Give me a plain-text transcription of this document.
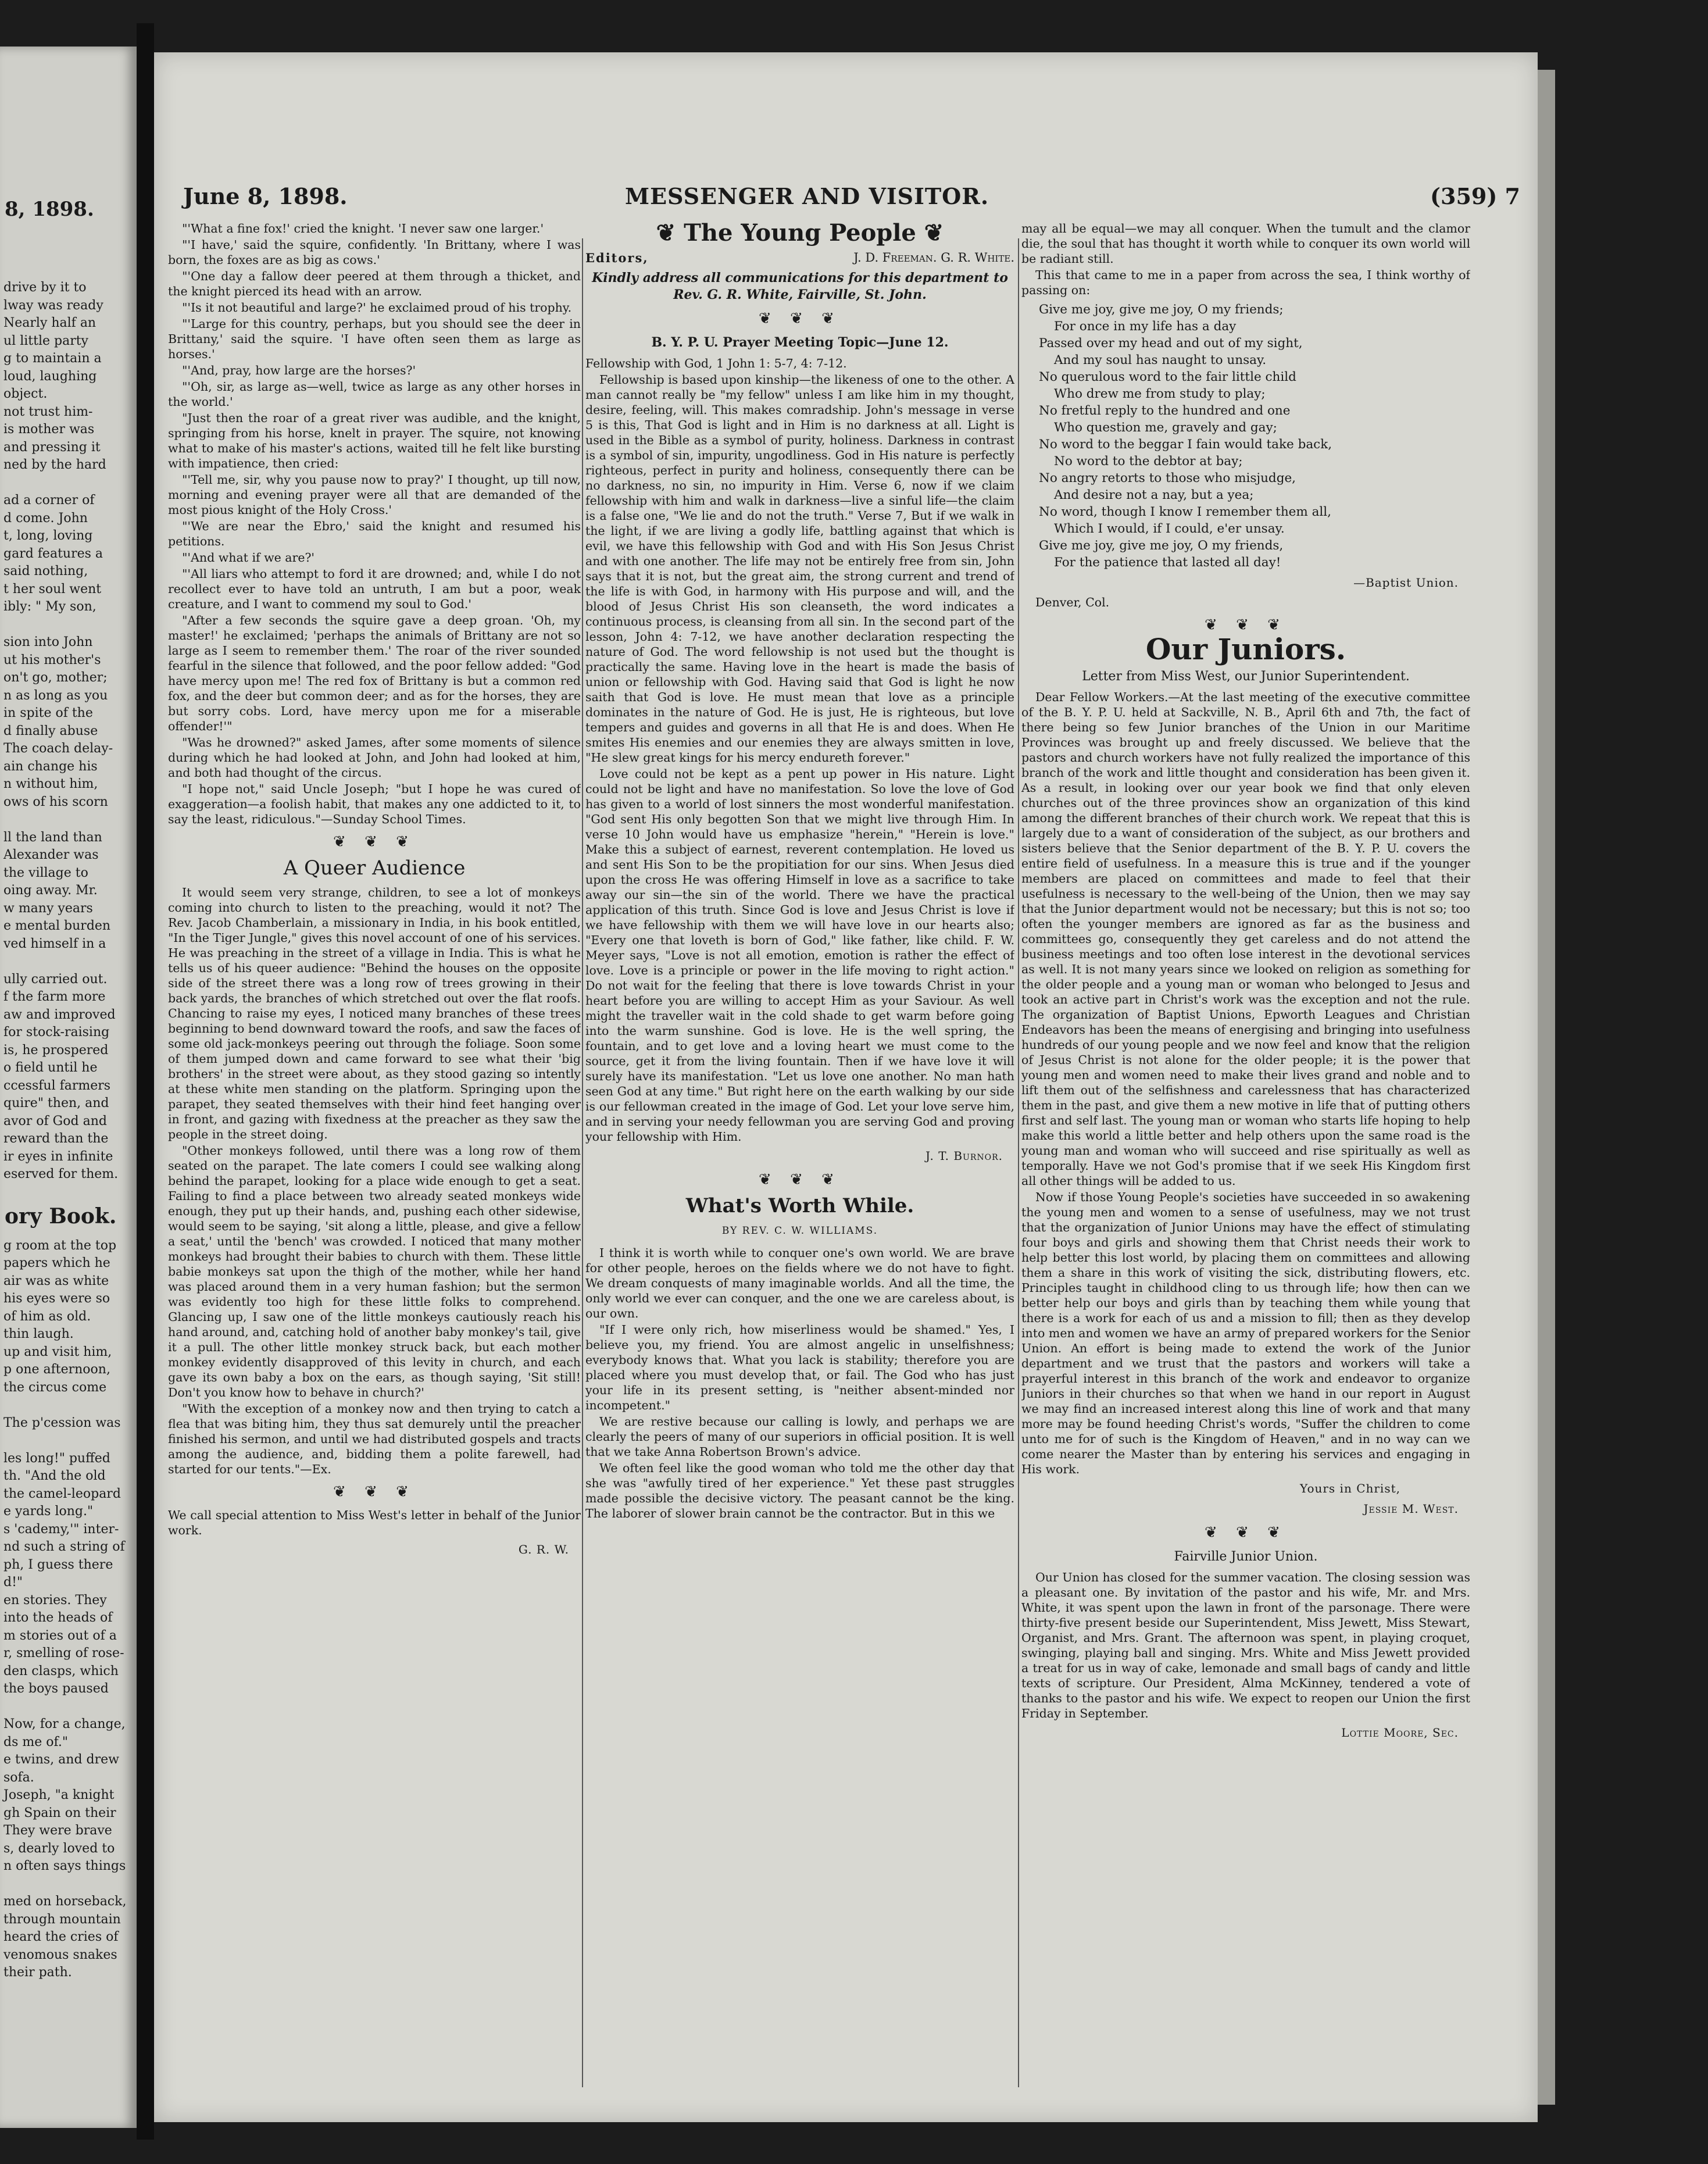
8, 1898.
drive by it to
lway was ready
Nearly half an
ul little party
g to maintain a
loud, laughing
object.
not trust him-
is mother was
and pressing it
ned by the hard

ad a corner of
d come. John
t, long, loving
gard features a
said nothing,
t her soul went
ibly: " My son,

sion into John
ut his mother's
on't go, mother;
n as long as you
in spite of the
d finally abuse
The coach delay-
ain change his
n without him,
ows of his scorn

ll the land than
Alexander was
the village to
oing away. Mr.
w many years
e mental burden
ved himself in a

ully carried out.
f the farm more
aw and improved
for stock-raising
is, he prospered
o field until he
ccessful farmers
quire" then, and
avor of God and
reward than the
ir eyes in infinite
eserved for them.
ory Book.
g room at the top
papers which he
air was as white
his eyes were so
of him as old.
thin laugh.
up and visit him,
p one afternoon,
the circus come

The p'cession was

les long!" puffed
th. "And the old
the camel-leopard
e yards long."
s 'cademy,'" inter-
nd such a string of
ph, I guess there
d!"
en stories. They
into the heads of
m stories out of a
r, smelling of rose-
den clasps, which
the boys paused

Now, for a change,
ds me of."
e twins, and drew
sofa.
Joseph, "a knight
gh Spain on their
They were brave
s, dearly loved to
n often says things

med on horseback,
through mountain
heard the cries of
venomous snakes
their path.
June 8, 1898.	MESSENGER AND VISITOR.	(359) 7

"'What a fine fox!' cried the knight. 'I never saw one larger.'

"'I have,' said the squire, confidently. 'In Brittany, where I was born, the foxes are as big as cows.'

"'One day a fallow deer peered at them through a thicket, and the knight pierced its head with an arrow.

"'Is it not beautiful and large?' he exclaimed proud of his trophy.

"'Large for this country, perhaps, but you should see the deer in Brittany,' said the squire. 'I have often seen them as large as horses.'

"'And, pray, how large are the horses?'

"'Oh, sir, as large as—well, twice as large as any other horses in the world.'

"Just then the roar of a great river was audible, and the knight, springing from his horse, knelt in prayer. The squire, not knowing what to make of his master's actions, waited till he felt like bursting with impatience, then cried:

"'Tell me, sir, why you pause now to pray?' I thought, up till now, morning and evening prayer were all that are demanded of the most pious knight of the Holy Cross.'

"'We are near the Ebro,' said the knight and resumed his petitions.

"'And what if we are?'

"'All liars who attempt to ford it are drowned; and, while I do not recollect ever to have told an untruth, I am but a poor, weak creature, and I want to commend my soul to God.'

"After a few seconds the squire gave a deep groan. 'Oh, my master!' he exclaimed; 'perhaps the animals of Brittany are not so large as I seem to remember them.' The roar of the river sounded fearful in the silence that followed, and the poor fellow added: "God have mercy upon me! The red fox of Brittany is but a common red fox, and the deer but common deer; and as for the horses, they are but sorry cobs. Lord, have mercy upon me for a miserable offender!'"

"Was he drowned?" asked James, after some moments of silence during which he had looked at John, and John had looked at him, and both had thought of the circus.

"I hope not," said Uncle Joseph; "but I hope he was cured of exaggeration—a foolish habit, that makes any one addicted to it, to say the least, ridiculous."—Sunday School Times.

❦ ❦ ❦
A Queer Audience

It would seem very strange, children, to see a lot of monkeys coming into church to listen to the preaching, would it not? The Rev. Jacob Chamberlain, a missionary in India, in his book entitled, "In the Tiger Jungle," gives this novel account of one of his services. He was preaching in the street of a village in India. This is what he tells us of his queer audience: "Behind the houses on the opposite side of the street there was a long row of trees growing in their back yards, the branches of which stretched out over the flat roofs. Chancing to raise my eyes, I noticed many branches of these trees beginning to bend downward toward the roofs, and saw the faces of some old jack-monkeys peering out through the foliage. Soon some of them jumped down and came forward to see what their 'big brothers' in the street were about, as they stood gazing so intently at these white men standing on the platform. Springing upon the parapet, they seated themselves with their hind feet hanging over in front, and gazing with fixedness at the preacher as they saw the people in the street doing.

"Other monkeys followed, until there was a long row of them seated on the parapet. The late comers I could see walking along behind the parapet, looking for a place wide enough to get a seat. Failing to find a place between two already seated monkeys wide enough, they put up their hands, and, pushing each other sidewise, would seem to be saying, 'sit along a little, please, and give a fellow a seat,' until the 'bench' was crowded. I noticed that many mother monkeys had brought their babies to church with them. These little babie monkeys sat upon the thigh of the mother, while her hand was placed around them in a very human fashion; but the sermon was evidently too high for these little folks to comprehend. Glancing up, I saw one of the little monkeys cautiously reach his hand around, and, catching hold of another baby monkey's tail, give it a pull. The other little monkey struck back, but each mother monkey evidently disapproved of this levity in church, and each gave its own baby a box on the ears, as though saying, 'Sit still! Don't you know how to behave in church?'

"With the exception of a monkey now and then trying to catch a flea that was biting him, they thus sat demurely until the preacher finished his sermon, and until we had distributed gospels and tracts among the audience, and, bidding them a polite farewell, had started for our tents."—Ex.

❦ ❦ ❦

We call special attention to Miss West's letter in behalf of the Junior work.

G. R. W.
❦ The Young People ❦
Editors,	J. D. Freeman. G. R. White.
Kindly address all communications for this department to Rev. G. R. White, Fairville, St. John.
❦ ❦ ❦
B. Y. P. U. Prayer Meeting Topic—June 12.

Fellowship with God, 1 John 1: 5-7, 4: 7-12.

Fellowship is based upon kinship—the likeness of one to the other. A man cannot really be "my fellow" unless I am like him in my thought, desire, feeling, will. This makes comradship. John's message in verse 5 is this, That God is light and in Him is no darkness at all. Light is used in the Bible as a symbol of purity, holiness. Darkness in contrast is a symbol of sin, impurity, ungodliness. God in His nature is perfectly righteous, perfect in purity and holiness, consequently there can be no darkness, no sin, no impurity in Him. Verse 6, now if we claim fellowship with him and walk in darkness—live a sinful life—the claim is a false one, "We lie and do not the truth." Verse 7, But if we walk in the light, if we are living a godly life, battling against that which is evil, we have this fellowship with God and with His Son Jesus Christ and with one another. The life may not be entirely free from sin, John says that it is not, but the great aim, the strong current and trend of the life is with God, in harmony with His purpose and will, and the blood of Jesus Christ His son cleanseth, the word indicates a continuous process, is cleansing from all sin. In the second part of the lesson, John 4: 7-12, we have another declaration respecting the nature of God. The word fellowship is not used but the thought is practically the same. Having love in the heart is made the basis of union or fellowship with God. Having said that God is light he now saith that God is love. He must mean that love as a principle dominates in the nature of God. He is just, He is righteous, but love tempers and guides and governs in all that He is and does. When He smites His enemies and our enemies they are always smitten in love, "He slew great kings for his mercy endureth forever."

Love could not be kept as a pent up power in His nature. Light could not be light and have no manifestation. So love the love of God has given to a world of lost sinners the most wonderful manifestation. "God sent His only begotten Son that we might live through Him. In verse 10 John would have us emphasize "herein," "Herein is love." Make this a subject of earnest, reverent contemplation. He loved us and sent His Son to be the propitiation for our sins. When Jesus died upon the cross He was offering Himself in love as a sacrifice to take away our sin—the sin of the world. There we have the practical application of this truth. Since God is love and Jesus Christ is love if we have fellowship with them we will have love in our hearts also; "Every one that loveth is born of God," like father, like child. F. W. Meyer says, "Love is not all emotion, emotion is rather the effect of love. Love is a principle or power in the life moving to right action." Do not wait for the feeling that there is love towards Christ in your heart before you are willing to accept Him as your Saviour. As well might the traveller wait in the cold shade to get warm before going into the warm sunshine. God is love. He is the well spring, the fountain, and to get love and a loving heart we must come to the source, get it from the living fountain. Then if we have love it will surely have its manifestation. "Let us love one another. No man hath seen God at any time." But right here on the earth walking by our side is our fellowman created in the image of God. Let your love serve him, and in serving your needy fellowman you are serving God and proving your fellowship with Him.

J. T. Burnor.
❦ ❦ ❦
What's Worth While.
BY REV. C. W. WILLIAMS.

I think it is worth while to conquer one's own world. We are brave for other people, heroes on the fields where we do not have to fight. We dream conquests of many imaginable worlds. And all the time, the only world we ever can conquer, and the one we are careless about, is our own.

"If I were only rich, how miserliness would be shamed." Yes, I believe you, my friend. You are almost angelic in unselfishness; everybody knows that. What you lack is stability; therefore you are placed where you must develop that, or fail. The God who has just your life in its present setting, is "neither absent-minded nor incompetent."

We are restive because our calling is lowly, and perhaps we are clearly the peers of many of our superiors in official position. It is well that we take Anna Robertson Brown's advice.

We often feel like the good woman who told me the other day that she was "awfully tired of her experience." Yet these past struggles made possible the decisive victory. The peasant cannot be the king. The laborer of slower brain cannot be the contractor. But in this we

may all be equal—we may all conquer. When the tumult and the clamor die, the soul that has thought it worth while to conquer its own world will be radiant still.

This that came to me in a paper from across the sea, I think worthy of passing on:

Give me joy, give me joy, O my friends;
For once in my life has a day
Passed over my head and out of my sight,
And my soul has naught to unsay.
No querulous word to the fair little child
Who drew me from study to play;
No fretful reply to the hundred and one
Who question me, gravely and gay;
No word to the beggar I fain would take back,
No word to the debtor at bay;
No angry retorts to those who misjudge,
And desire not a nay, but a yea;
No word, though I know I remember them all,
Which I would, if I could, e'er unsay.
Give me joy, give me joy, O my friends,
For the patience that lasted all day!
—Baptist Union.

Denver, Col.

❦ ❦ ❦
Our Juniors.
Letter from Miss West, our Junior Superintendent.

Dear Fellow Workers.—At the last meeting of the executive committee of the B. Y. P. U. held at Sackville, N. B., April 6th and 7th, the fact of there being so few Junior branches of the Union in our Maritime Provinces was brought up and freely discussed. We believe that the pastors and church workers have not fully realized the importance of this branch of the work and little thought and consideration has been given it. As a result, in looking over our year book we find that only eleven churches out of the three provinces show an organization of this kind among the different branches of their church work. We repeat that this is largely due to a want of consideration of the subject, as our brothers and sisters believe that the Senior department of the B. Y. P. U. covers the entire field of usefulness. In a measure this is true and if the younger members are placed on committees and made to feel that their usefulness is necessary to the well-being of the Union, then we may say that the Junior department would not be necessary; but this is not so; too often the younger members are ignored as far as the business and committees go, consequently they get careless and do not attend the business meetings and too often lose interest in the devotional services as well. It is not many years since we looked on religion as something for the older people and a young man or woman who belonged to Jesus and took an active part in Christ's work was the exception and not the rule. The organization of Baptist Unions, Epworth Leagues and Christian Endeavors has been the means of energising and bringing into usefulness hundreds of our young people and we now feel and know that the religion of Jesus Christ is not alone for the older people; it is the power that young men and women need to make their lives grand and noble and to lift them out of the selfishness and carelessness that has characterized them in the past, and give them a new motive in life that of putting others first and self last. The young man or woman who starts life hoping to help make this world a little better and help others upon the same road is the young man and woman who will succeed and rise spiritually as well as temporally. Have we not God's promise that if we seek His Kingdom first all other things will be added to us.

Now if those Young People's societies have succeeded in so awakening the young men and women to a sense of usefulness, may we not trust that the organization of Junior Unions may have the effect of stimulating four boys and girls and showing them that Christ needs their work to help better this lost world, by placing them on committees and allowing them a share in this work of visiting the sick, distributing flowers, etc. Principles taught in childhood cling to us through life; how then can we better help our boys and girls than by teaching them while young that there is a work for each of us and a mission to fill; then as they develop into men and women we have an army of prepared workers for the Senior Union. An effort is being made to extend the work of the Junior department and we trust that the pastors and workers will take a prayerful interest in this branch of the work and endeavor to organize Juniors in their churches so that when we hand in our report in August we may find an increased interest along this line of work and that many more may be found heeding Christ's words, "Suffer the children to come unto me for of such is the Kingdom of Heaven," and in no way can we come nearer the Master than by entering his services and engaging in His work.

Yours in Christ,
Jessie M. West.
❦ ❦ ❦
Fairville Junior Union.

Our Union has closed for the summer vacation. The closing session was a pleasant one. By invitation of the pastor and his wife, Mr. and Mrs. White, it was spent upon the lawn in front of the parsonage. There were thirty-five present beside our Superintendent, Miss Jewett, Miss Stewart, Organist, and Mrs. Grant. The afternoon was spent, in playing croquet, swinging, playing ball and singing. Mrs. White and Miss Jewett provided a treat for us in way of cake, lemonade and small bags of candy and little texts of scripture. Our President, Alma McKinney, tendered a vote of thanks to the pastor and his wife. We expect to reopen our Union the first Friday in September.

Lottie Moore, Sec.
